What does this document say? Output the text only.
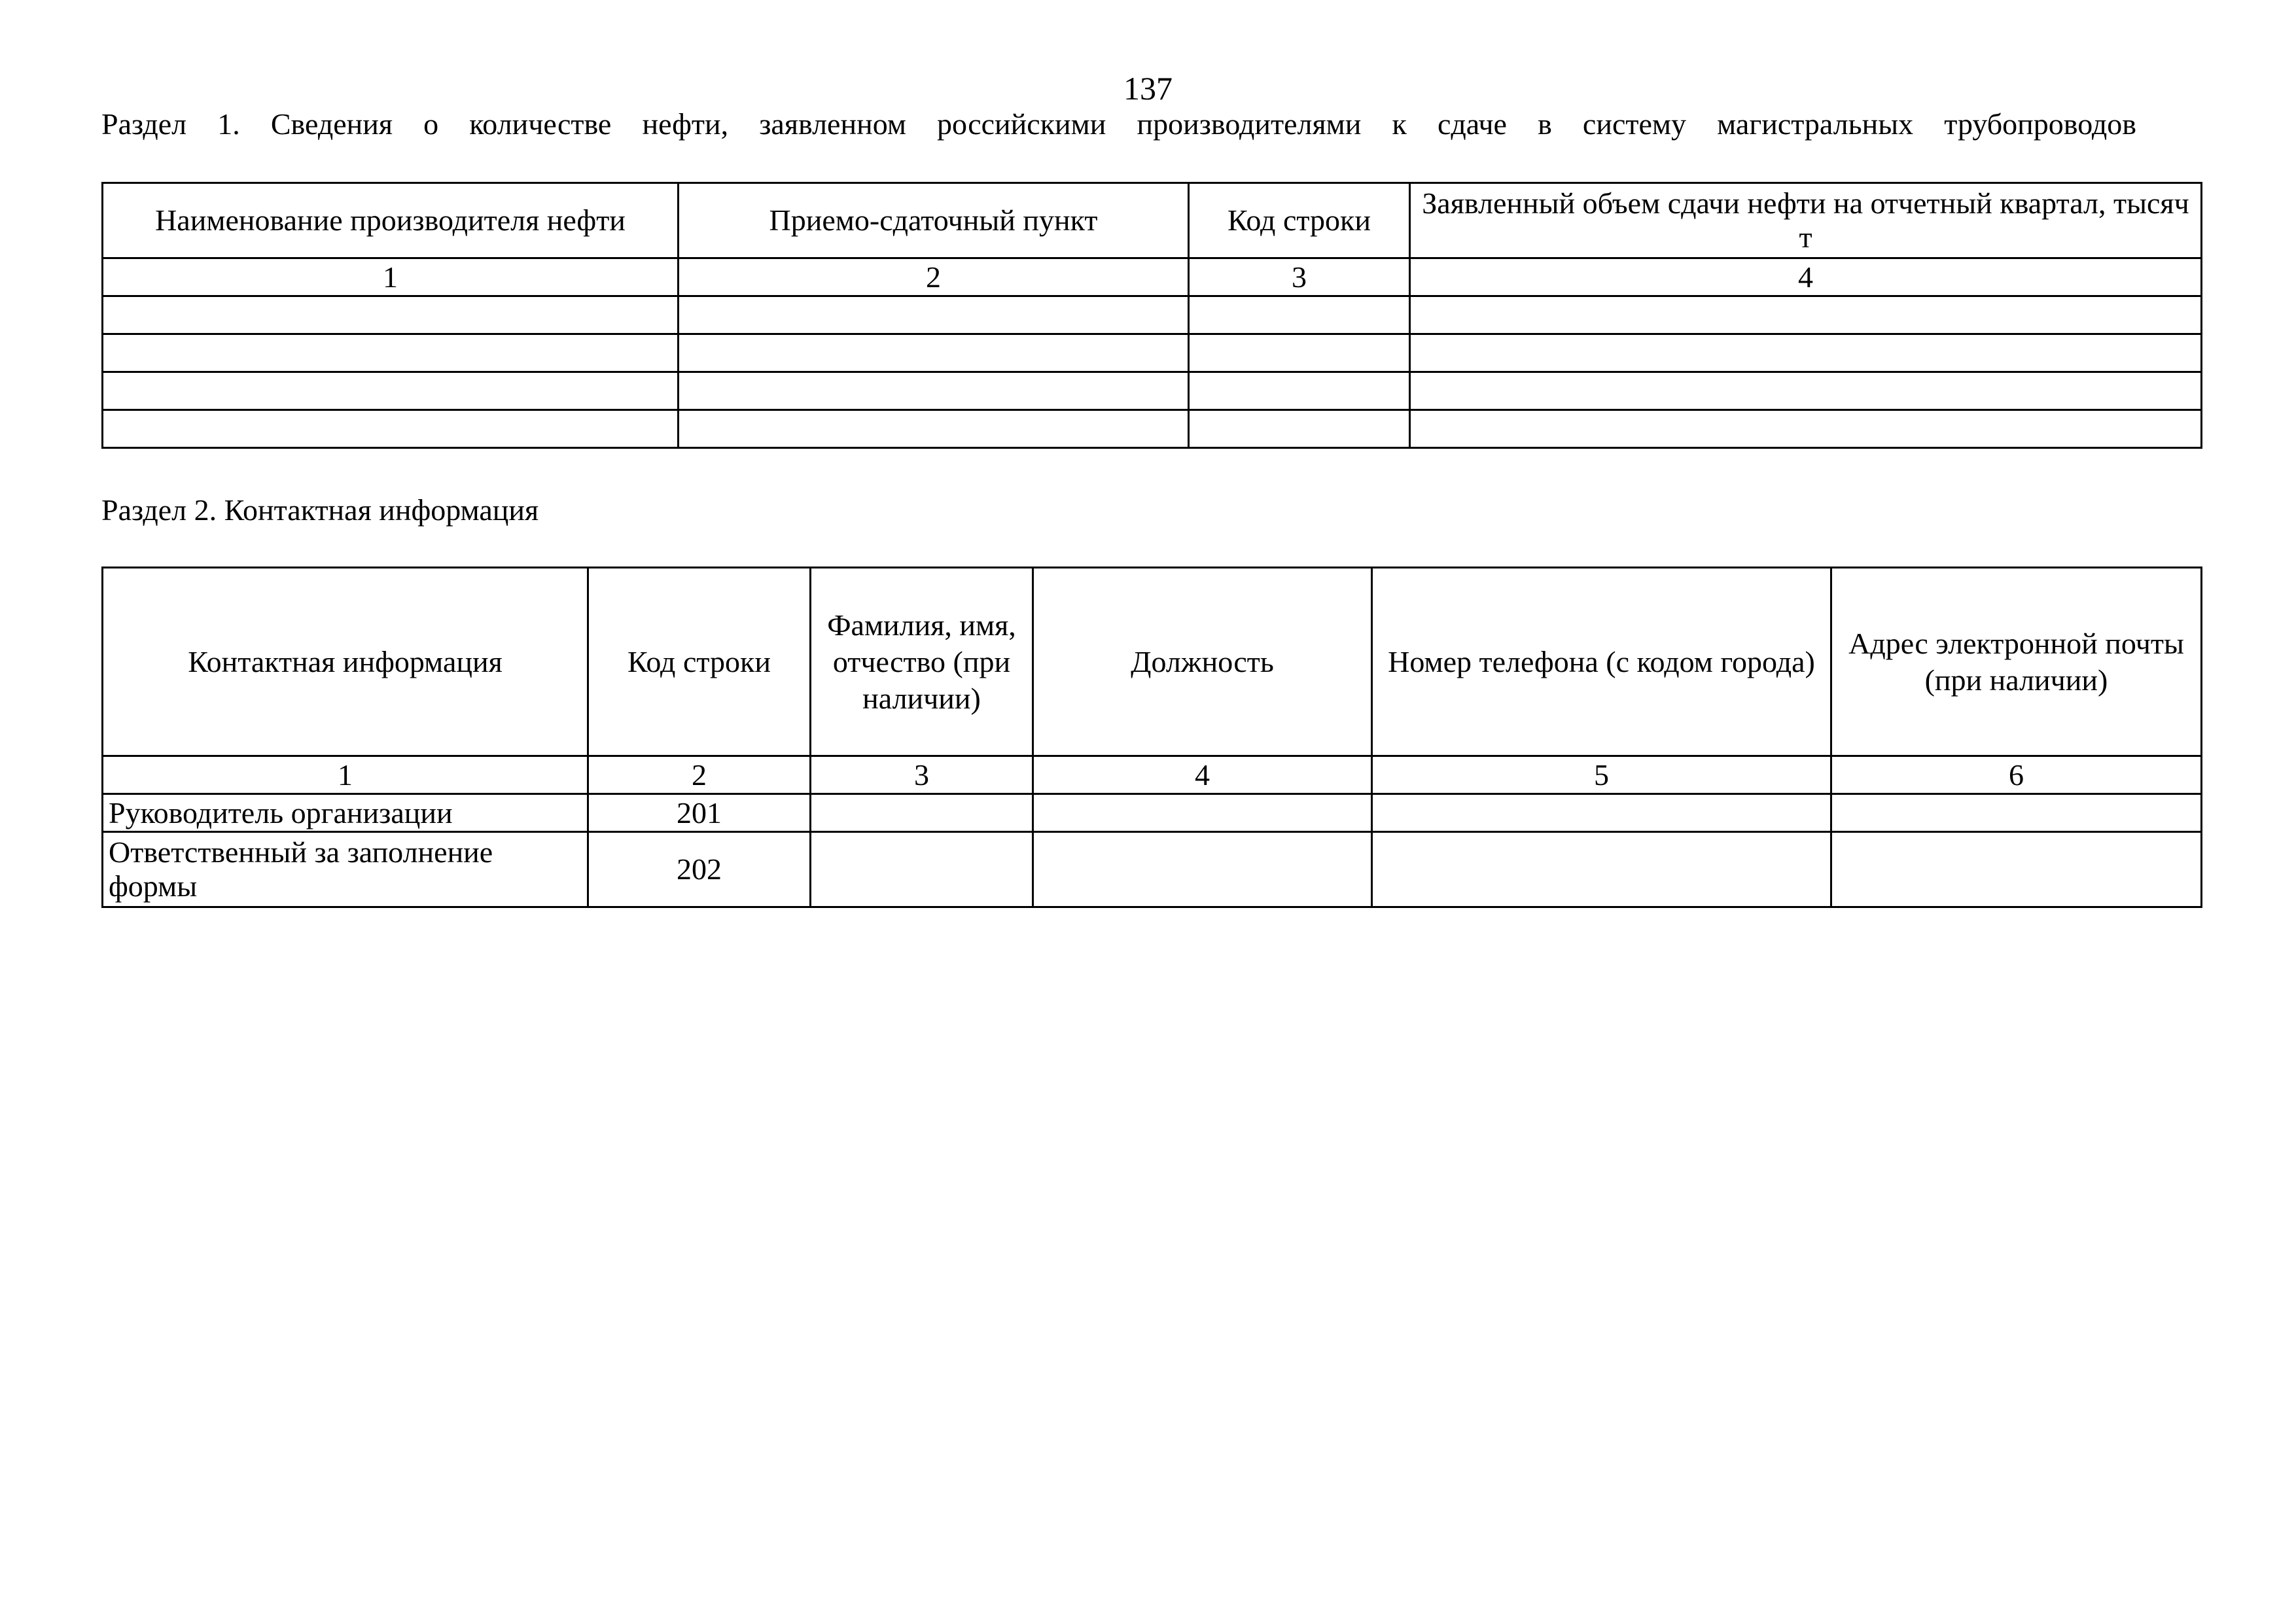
137
Раздел 1. Сведения о количестве нефти, заявленном российскими производителями к сдаче в систему магистральных трубопроводов
Наименование производителя нефти	Приемо-сдаточный пункт	Код строки	Заявленный объем сдачи нефти на отчетный квартал, тысяч т
1	2	3	4

Раздел 2. Контактная информация
Контактная информация	Код строки	Фамилия, имя, отчество (при наличии)	Должность	Номер телефона (с кодом города)	Адрес электронной почты (при наличии)
1	2	3	4	5	6
Руководитель организации	201				
Ответственный за заполнение формы	202				
